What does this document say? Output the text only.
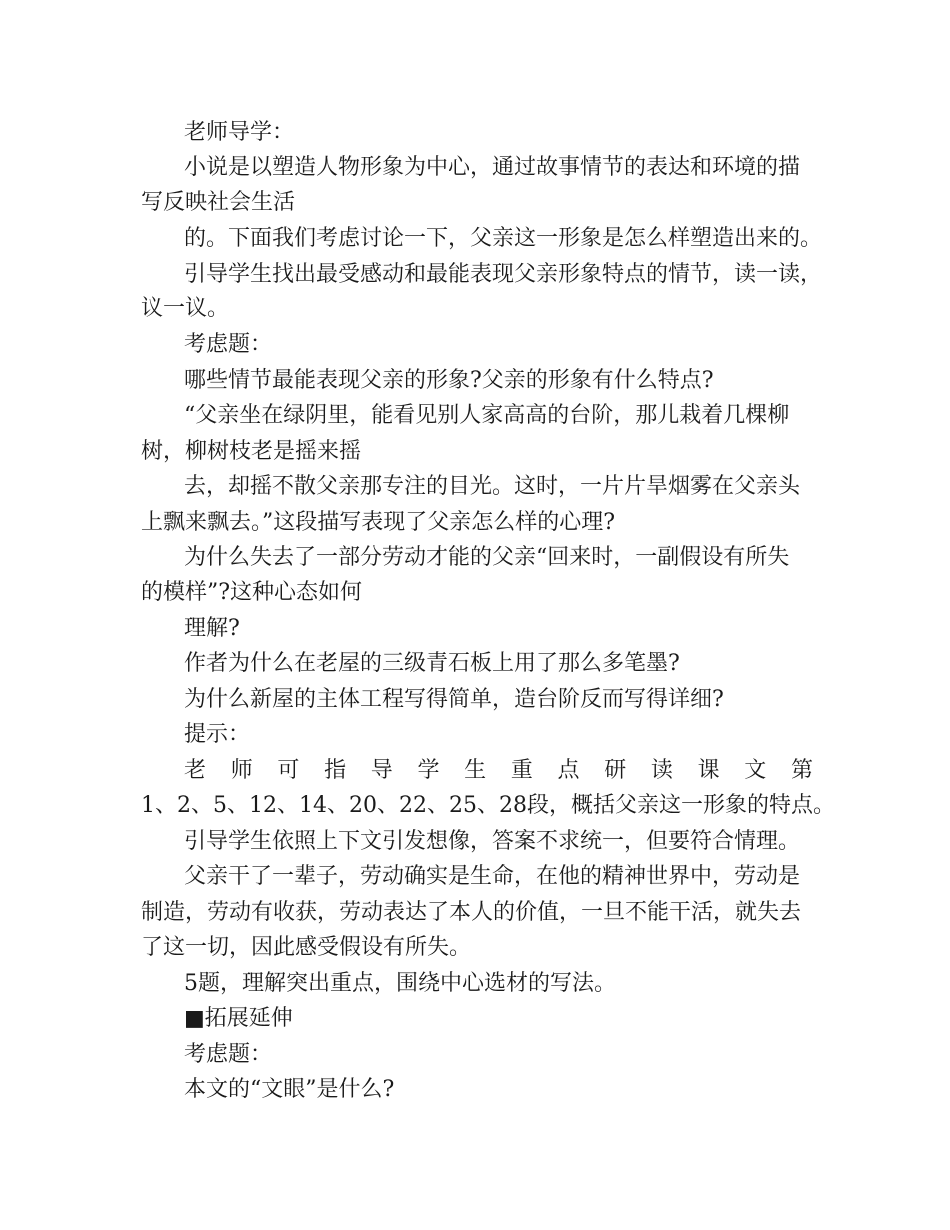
老师导学：
小说是以塑造人物形象为中心，通过故事情节的表达和环境的描
写反映社会生活
的。下面我们考虑讨论一下，父亲这一形象是怎么样塑造出来的。
引导学生找出最受感动和最能表现父亲形象特点的情节，读一读，
议一议。
考虑题：
哪些情节最能表现父亲的形象?父亲的形象有什么特点?
“父亲坐在绿阴里，能看见别人家高高的台阶，那儿栽着几棵柳
树，柳树枝老是摇来摇
去，却摇不散父亲那专注的目光。这时，一片片旱烟雾在父亲头
上飘来飘去。”这段描写表现了父亲怎么样的心理?
为什么失去了一部分劳动才能的父亲“回来时，一副假设有所失
的模样”?这种心态如何
理解?
作者为什么在老屋的三级青石板上用了那么多笔墨?
为什么新屋的主体工程写得简单，造台阶反而写得详细?
提示：
老 师 可 指 导 学 生 重 点 研 读 课 文 第
1、2、5、12、14、20、22、25、28段，概括父亲这一形象的特点。
引导学生依照上下文引发想像，答案不求统一，但要符合情理。
父亲干了一辈子，劳动确实是生命，在他的精神世界中，劳动是
制造，劳动有收获，劳动表达了本人的价值，一旦不能干活，就失去
了这一切，因此感受假设有所失。
5题，理解突出重点，围绕中心选材的写法。
■拓展延伸
考虑题：
本文的“文眼”是什么?
